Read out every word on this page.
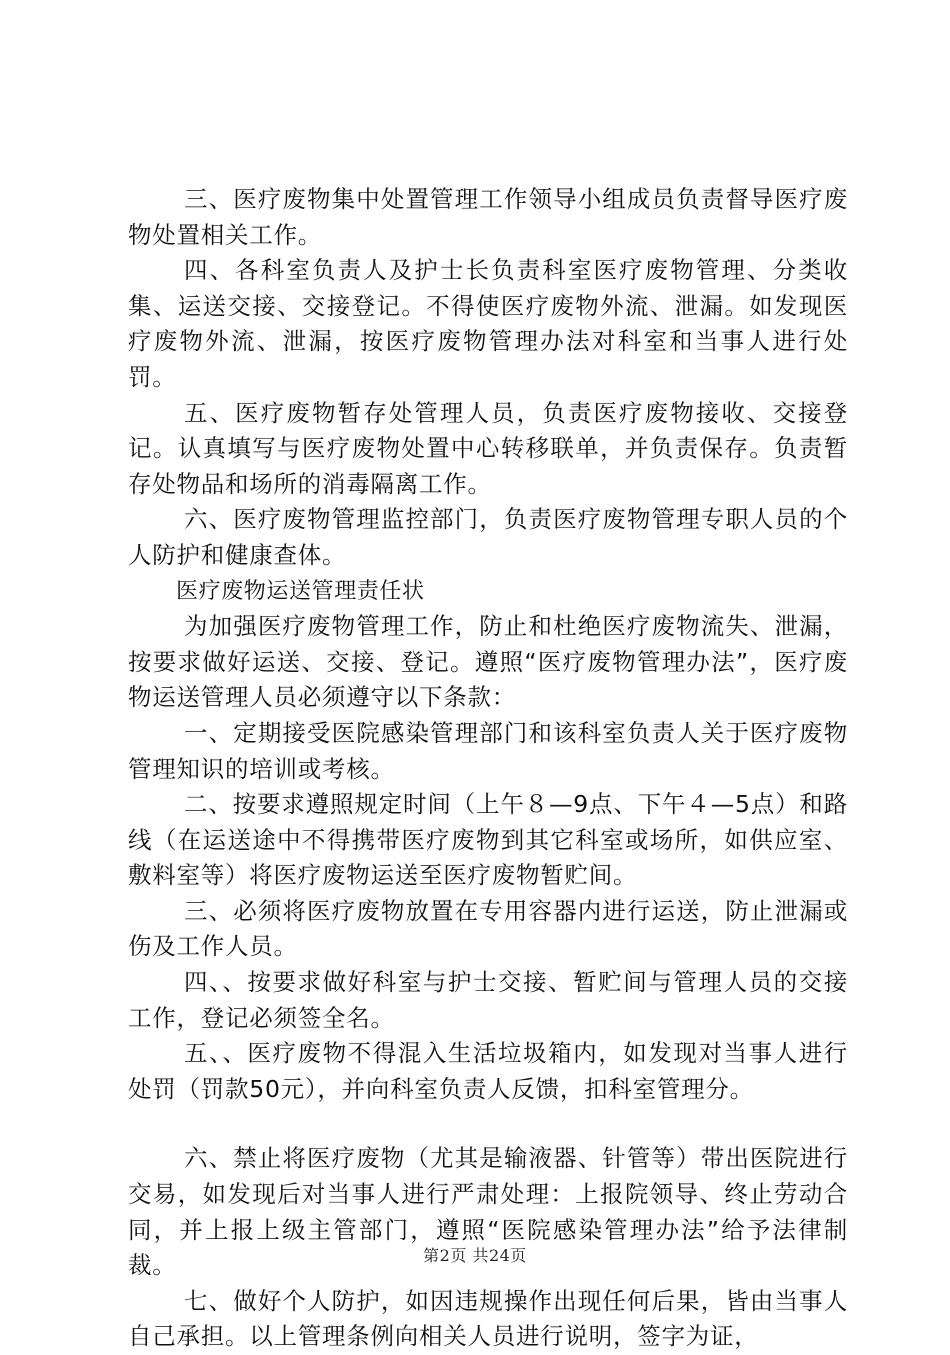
三、医疗废物集中处置管理工作领导小组成员负责督导医疗废物处置相关工作。

四、各科室负责人及护士长负责科室医疗废物管理、分类收集、运送交接、交接登记。不得使医疗废物外流、泄漏。如发现医疗废物外流、泄漏，按医疗废物管理办法对科室和当事人进行处罚。

五、医疗废物暂存处管理人员，负责医疗废物接收、交接登记。认真填写与医疗废物处置中心转移联单，并负责保存。负责暂存处物品和场所的消毒隔离工作。

六、医疗废物管理监控部门，负责医疗废物管理专职人员的个人防护和健康查体。

医疗废物运送管理责任状

为加强医疗废物管理工作，防止和杜绝医疗废物流失、泄漏，按要求做好运送、交接、登记。遵照“医疗废物管理办法”，医疗废物运送管理人员必须遵守以下条款：

一、定期接受医院感染管理部门和该科室负责人关于医疗废物管理知识的培训或考核。

二、按要求遵照规定时间（上午８—9点、下午４—5点）和路线（在运送途中不得携带医疗废物到其它科室或场所，如供应室、敷料室等）将医疗废物运送至医疗废物暂贮间。

三、必须将医疗废物放置在专用容器内进行运送，防止泄漏或伤及工作人员。

四、、按要求做好科室与护士交接、暂贮间与管理人员的交接工作，登记必须签全名。

五、、医疗废物不得混入生活垃圾箱内，如发现对当事人进行处罚（罚款50元），并向科室负责人反馈，扣科室管理分。

六、禁止将医疗废物（尤其是输液器、针管等）带出医院进行交易，如发现后对当事人进行严肃处理：上报院领导、终止劳动合同，并上报上级主管部门，遵照“医院感染管理办法”给予法律制裁。

七、做好个人防护，如因违规操作出现任何后果，皆由当事人自己承担。以上管理条例向相关人员进行说明，签字为证，

第2页 共24页
